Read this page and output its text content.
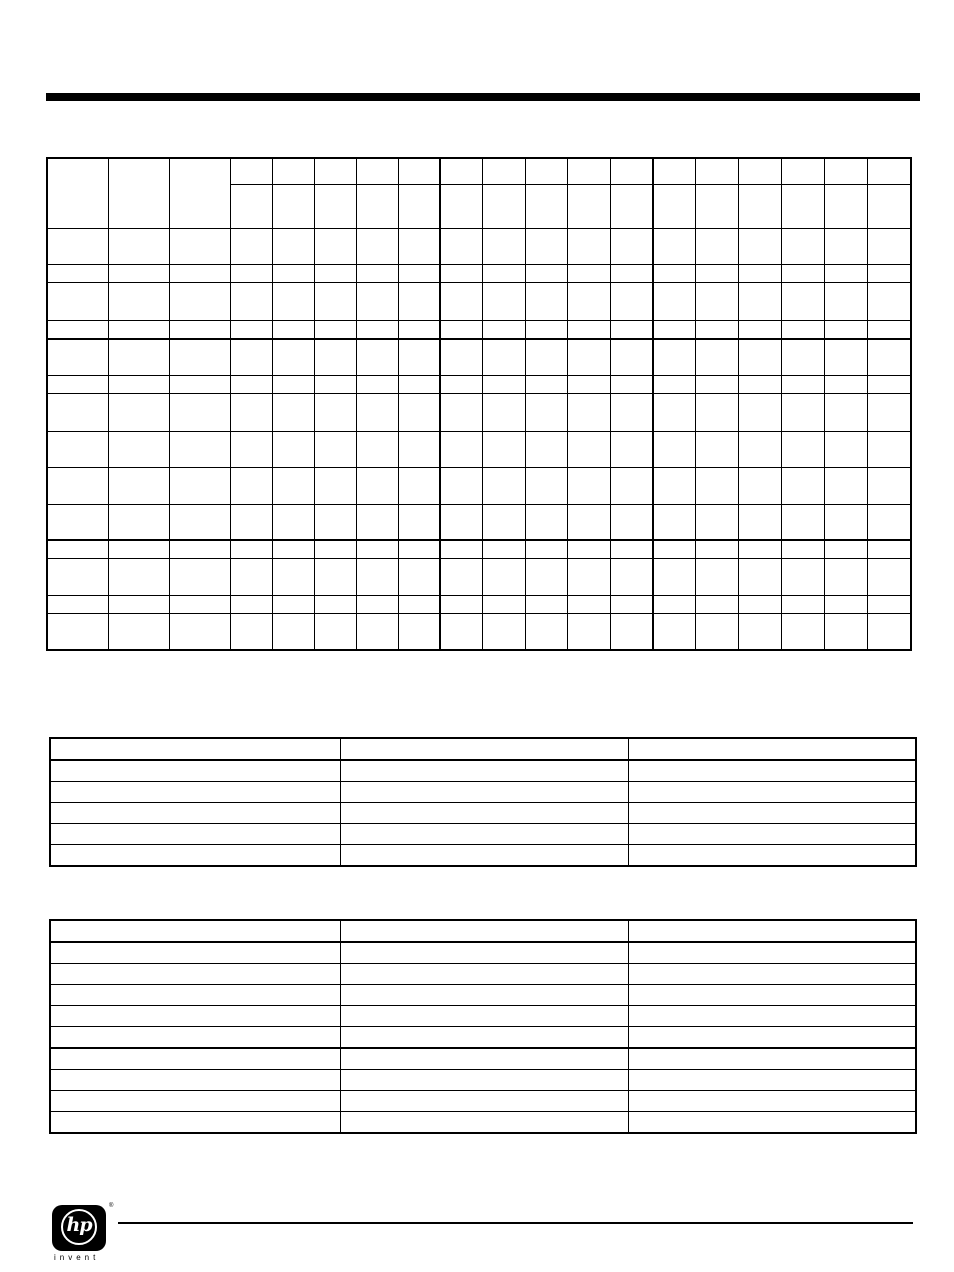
hp
®
invent
